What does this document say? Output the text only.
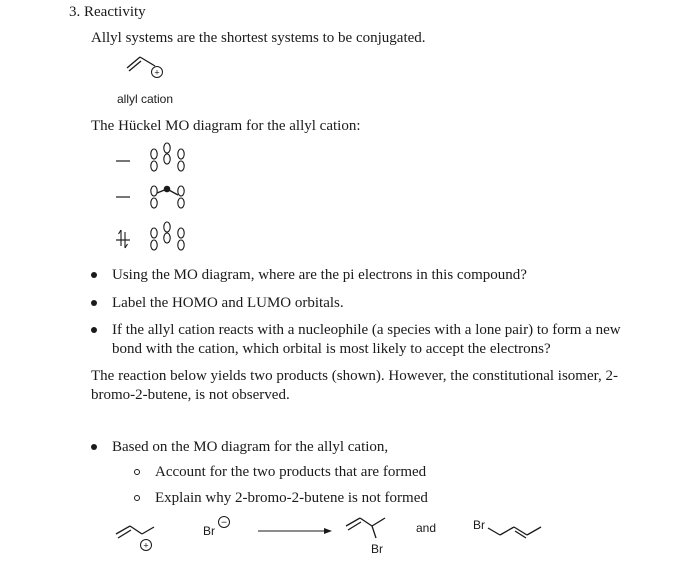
3. Reactivity
Allyl systems are the shortest systems to be conjugated.
+
allyl cation
The Hückel MO diagram for the allyl cation:
Using the MO diagram, where are the pi electrons in this compound?
Label the HOMO and LUMO orbitals.
If the allyl cation reacts with a nucleophile (a species with a lone pair) to form a new
bond with the cation, which orbital is most likely to accept the electrons?
The reaction below yields two products (shown). However, the constitutional isomer, 2-
bromo-2-butene, is not observed.
Based on the MO diagram for the allyl cation,
Account for the two products that are formed
Explain why 2-bromo-2-butene is not formed
+
Br
−
Br
and	Br
